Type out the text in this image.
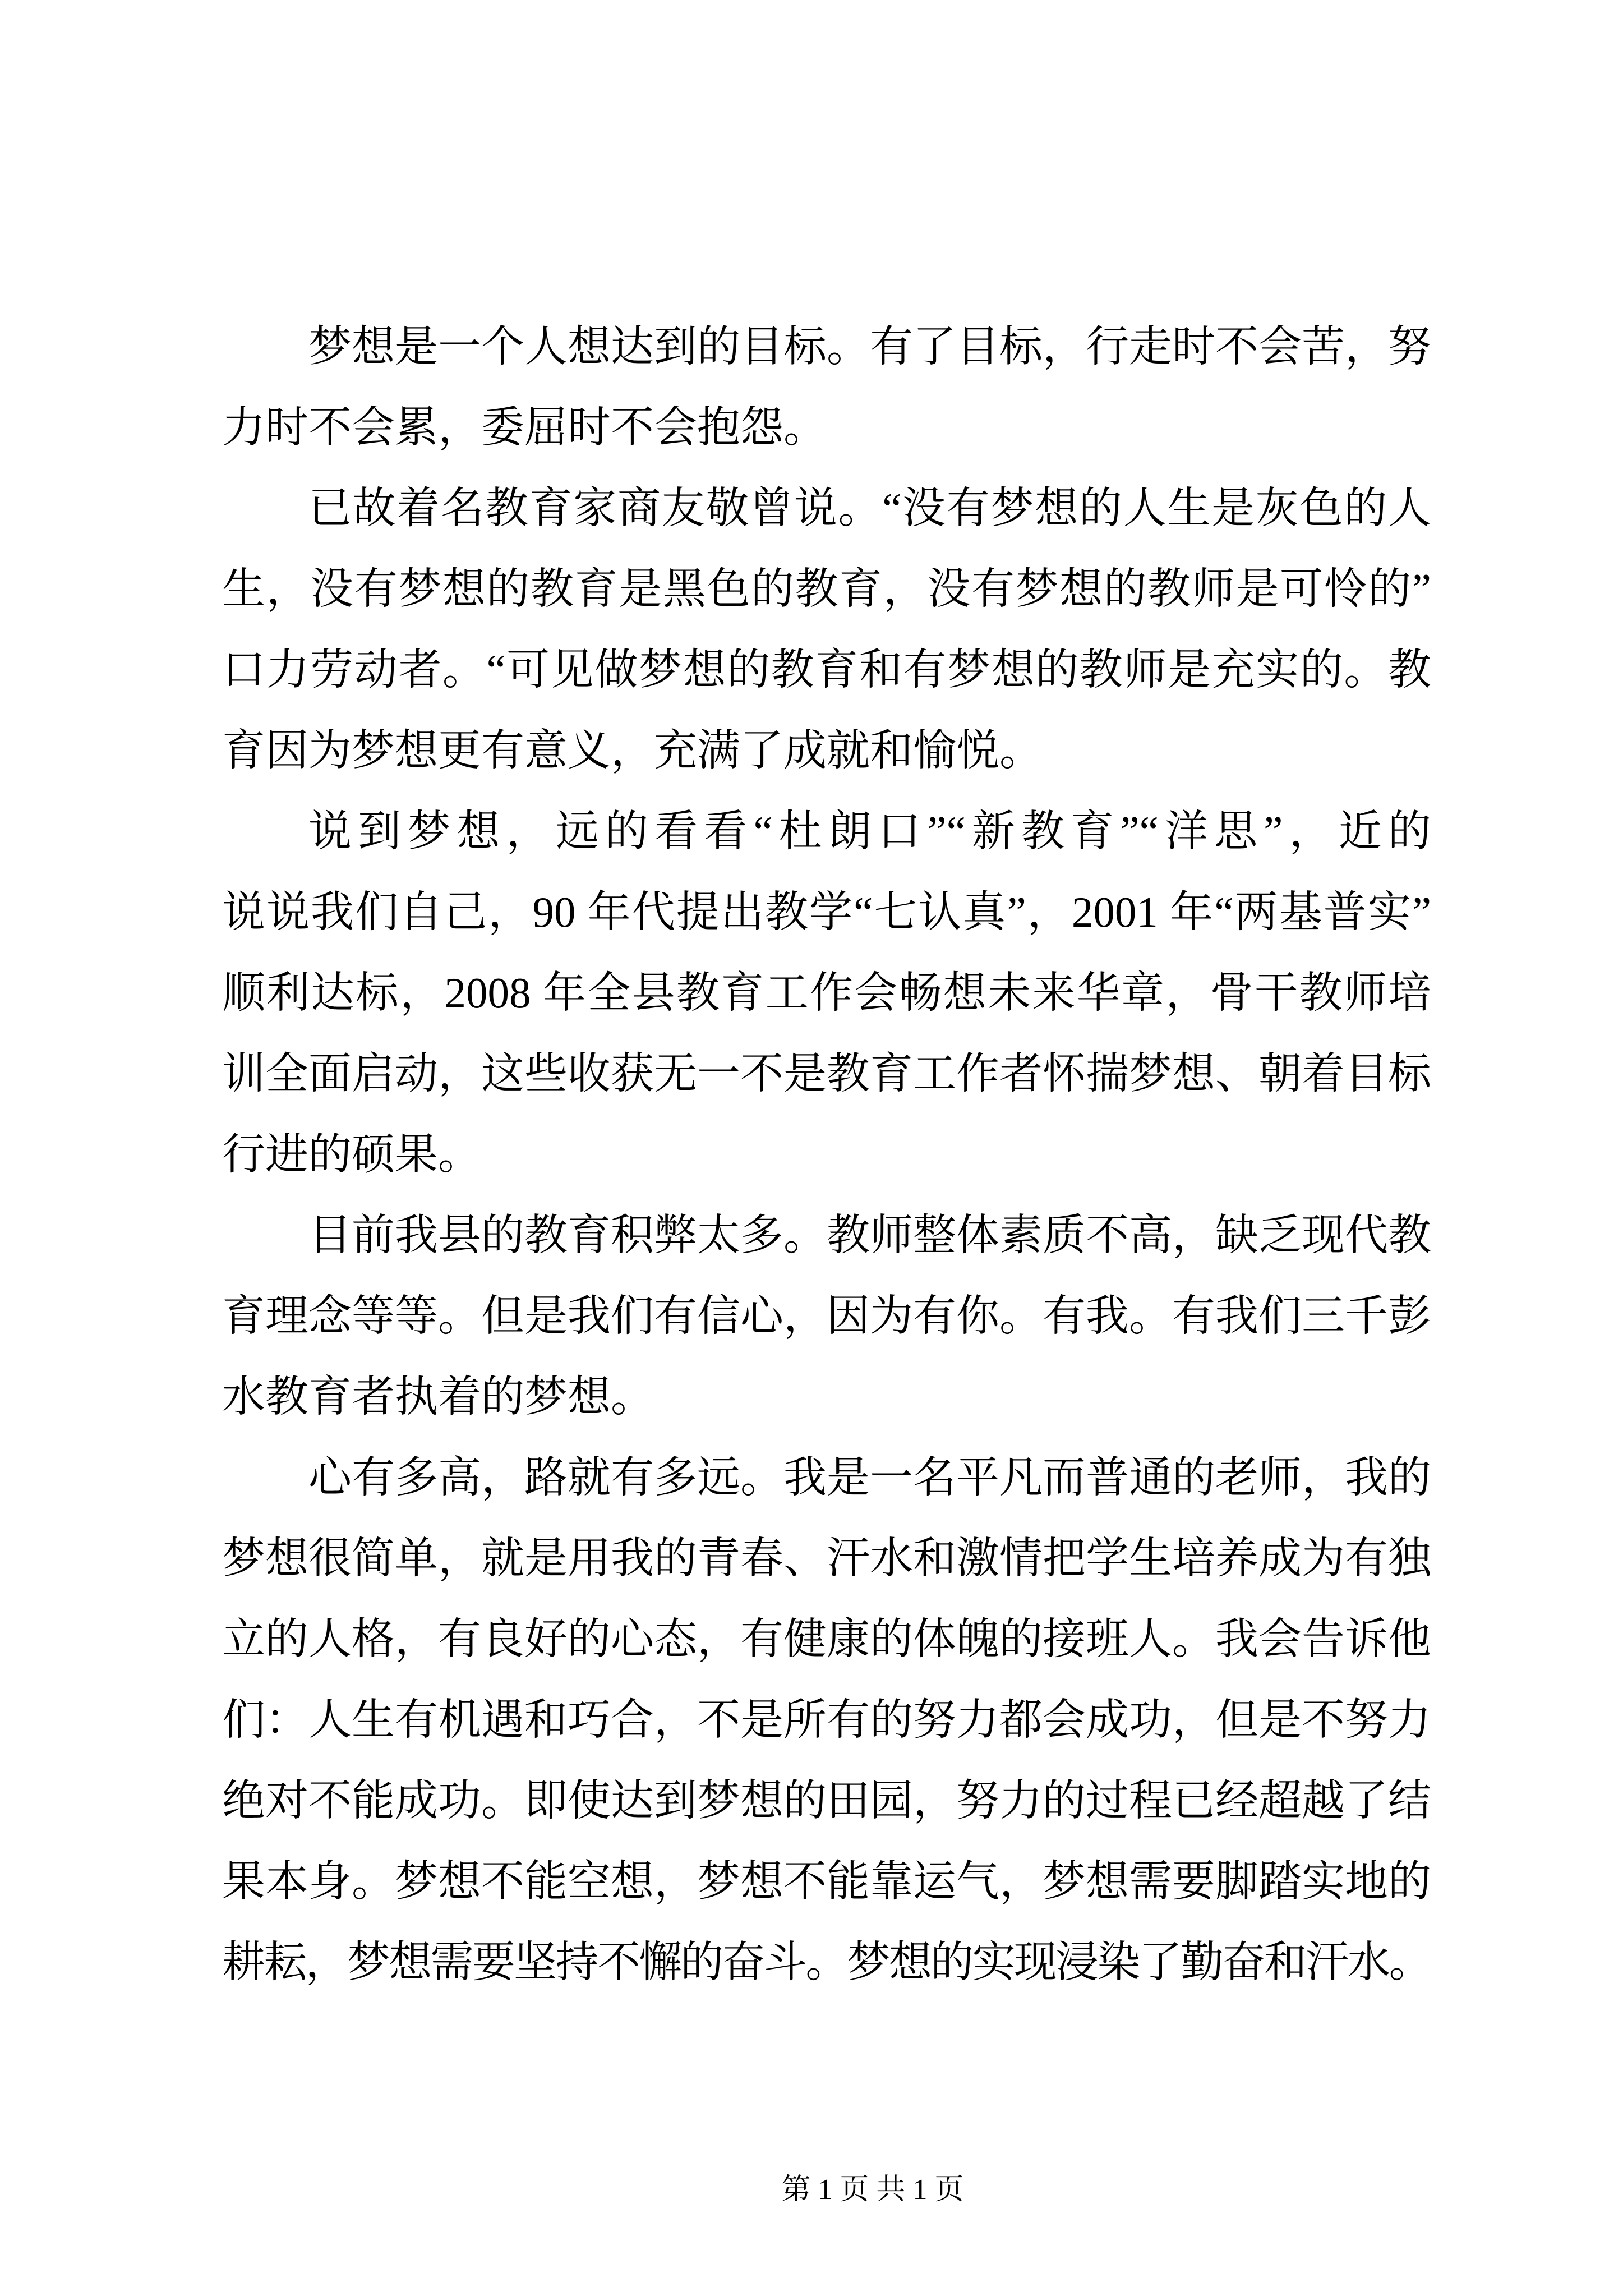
梦想是一个人想达到的目标。有了目标，行走时不会苦，努
力时不会累，委屈时不会抱怨。
已故着名教育家商友敬曾说。“没有梦想的人生是灰色的人
生，没有梦想的教育是黑色的教育，没有梦想的教师是可怜的”
口力劳动者。“可见做梦想的教育和有梦想的教师是充实的。教
育因为梦想更有意义，充满了成就和愉悦。
说到梦想，远的看看“杜朗口”“新教育”“洋思”，近的
说说我们自己，90 年代提出教学“七认真”，2001 年“两基普实”
顺利达标，2008 年全县教育工作会畅想未来华章，骨干教师培
训全面启动，这些收获无一不是教育工作者怀揣梦想、朝着目标
行进的硕果。
目前我县的教育积弊太多。教师整体素质不高，缺乏现代教
育理念等等。但是我们有信心，因为有你。有我。有我们三千彭
水教育者执着的梦想。
心有多高，路就有多远。我是一名平凡而普通的老师，我的
梦想很简单，就是用我的青春、汗水和激情把学生培养成为有独
立的人格，有良好的心态，有健康的体魄的接班人。我会告诉他
们：人生有机遇和巧合，不是所有的努力都会成功，但是不努力
绝对不能成功。即使达到梦想的田园，努力的过程已经超越了结
果本身。梦想不能空想，梦想不能靠运气，梦想需要脚踏实地的
耕耘，梦想需要坚持不懈的奋斗。梦想的实现浸染了勤奋和汗水。

第 1 页 共 1 页
